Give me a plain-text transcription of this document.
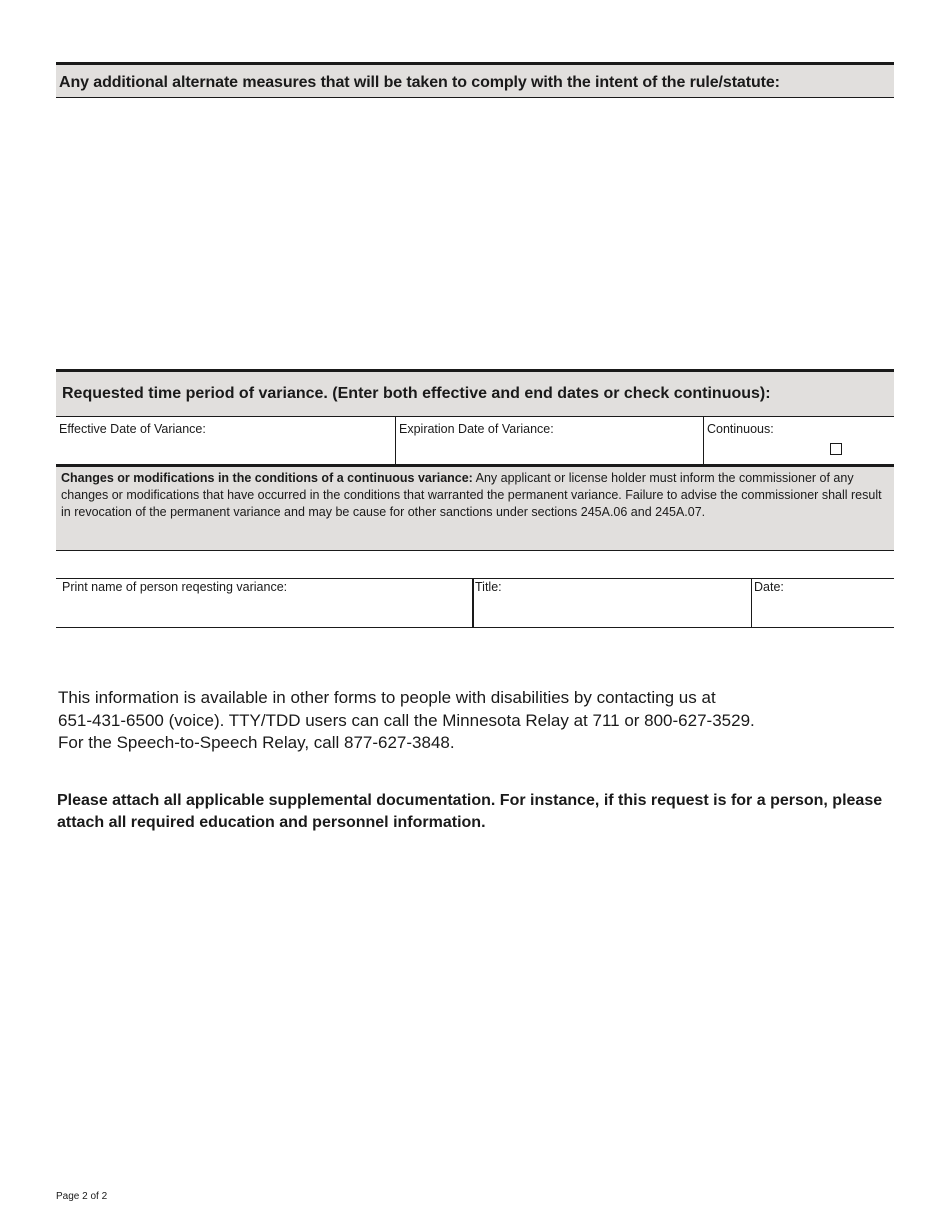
Any additional alternate measures that will be taken to comply with the intent of the rule/statute:
Requested time period of variance. (Enter both effective and end dates or check continuous):
Effective Date of Variance:	Expiration Date of Variance:	Continuous:
Changes or modifications in the conditions of a continuous variance: Any applicant or license holder must inform the commissioner of any changes or modifications that have occurred in the conditions that warranted the permanent variance. Failure to advise the commissioner shall result in revocation of the permanent variance and may be cause for other sanctions under sections 245A.06 and 245A.07.
Print name of person reqesting variance:	Title:	Date:
This information is available in other forms to people with disabilities by contacting us at
651-431-6500 (voice). TTY/TDD users can call the Minnesota Relay at 711 or 800-627-3529.
For the Speech-to-Speech Relay, call 877-627-3848.
Please attach all applicable supplemental documentation. For instance, if this request is for a person, please attach all required education and personnel information.
Page 2 of 2
